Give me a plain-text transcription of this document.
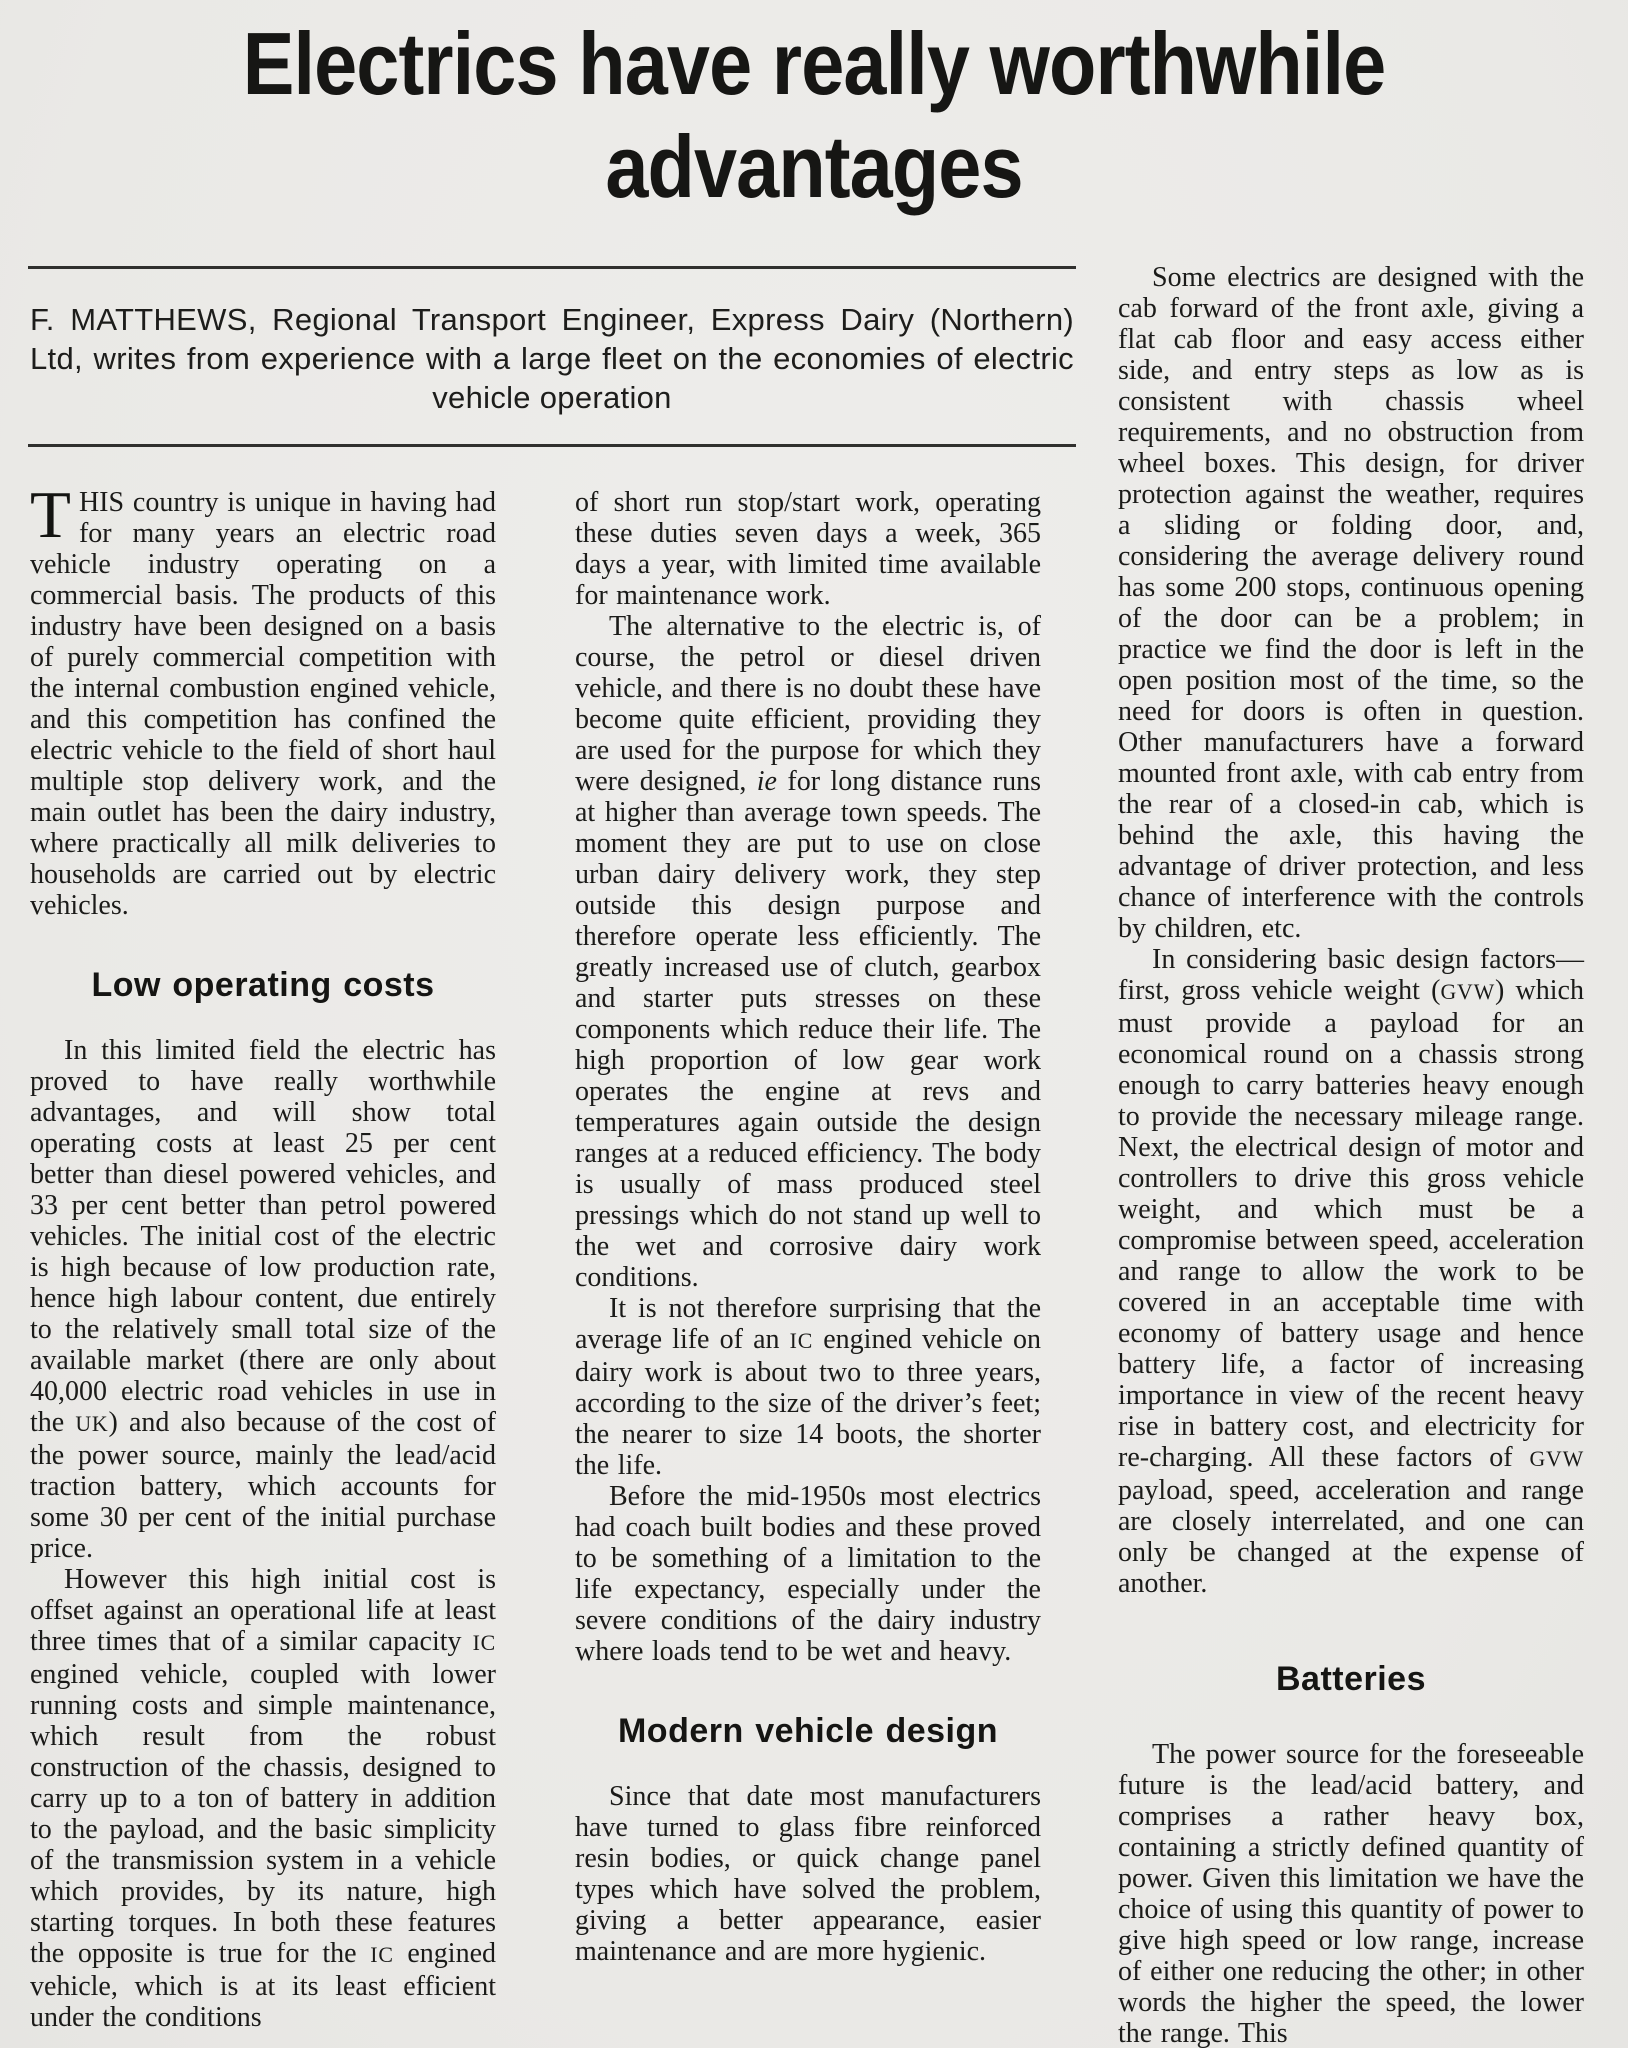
Electrics have really worthwhile
advantages

F. MATTHEWS, Regional Transport Engineer, Express Dairy (Northern) Ltd, writes from experience with a large fleet on the economies of electric vehicle operation

THIS country is unique in having had for many years an electric road vehicle industry operating on a commercial basis. The products of this industry have been designed on a basis of purely commercial competition with the internal combustion engined vehicle, and this competition has confined the electric vehicle to the field of short haul multiple stop delivery work, and the main outlet has been the dairy industry, where practically all milk deliveries to households are carried out by electric vehicles.

Low operating costs

In this limited field the electric has proved to have really worthwhile advantages, and will show total operating costs at least 25 per cent better than diesel powered vehicles, and 33 per cent better than petrol powered vehicles. The initial cost of the electric is high because of low production rate, hence high labour content, due entirely to the relatively small total size of the available market (there are only about 40,000 electric road vehicles in use in the UK) and also because of the cost of the power source, mainly the lead/acid traction battery, which accounts for some 30 per cent of the initial purchase price.

However this high initial cost is offset against an operational life at least three times that of a similar capacity IC engined vehicle, coupled with lower running costs and simple maintenance, which result from the robust construction of the chassis, designed to carry up to a ton of battery in addition to the payload, and the basic simplicity of the transmission system in a vehicle which provides, by its nature, high starting torques. In both these features the opposite is true for the IC engined vehicle, which is at its least efficient under the conditions

of short run stop/start work, operating these duties seven days a week, 365 days a year, with limited time available for maintenance work.

The alternative to the electric is, of course, the petrol or diesel driven vehicle, and there is no doubt these have become quite efficient, providing they are used for the purpose for which they were designed, ie for long distance runs at higher than average town speeds. The moment they are put to use on close urban dairy delivery work, they step outside this design purpose and therefore operate less efficiently. The greatly increased use of clutch, gearbox and starter puts stresses on these components which reduce their life. The high proportion of low gear work operates the engine at revs and temperatures again outside the design ranges at a reduced efficiency. The body is usually of mass produced steel pressings which do not stand up well to the wet and corrosive dairy work conditions.

It is not therefore surprising that the average life of an IC engined vehicle on dairy work is about two to three years, according to the size of the driver’s feet; the nearer to size 14 boots, the shorter the life.

Before the mid-1950s most electrics had coach built bodies and these proved to be something of a limitation to the life expectancy, especially under the severe conditions of the dairy industry where loads tend to be wet and heavy.

Modern vehicle design

Since that date most manufacturers have turned to glass fibre reinforced resin bodies, or quick change panel types which have solved the problem, giving a better appearance, easier maintenance and are more hygienic.

Some electrics are designed with the cab forward of the front axle, giving a flat cab floor and easy access either side, and entry steps as low as is consistent with chassis wheel requirements, and no obstruction from wheel boxes. This design, for driver protection against the weather, requires a sliding or folding door, and, considering the average delivery round has some 200 stops, continuous opening of the door can be a problem; in practice we find the door is left in the open position most of the time, so the need for doors is often in question. Other manufacturers have a forward mounted front axle, with cab entry from the rear of a closed-in cab, which is behind the axle, this having the advantage of driver protection, and less chance of interference with the controls by children, etc.

In considering basic design factors—first, gross vehicle weight (GVW) which must provide a payload for an economical round on a chassis strong enough to carry batteries heavy enough to provide the necessary mileage range. Next, the electrical design of motor and controllers to drive this gross vehicle weight, and which must be a compromise between speed, acceleration and range to allow the work to be covered in an acceptable time with economy of battery usage and hence battery life, a factor of increasing importance in view of the recent heavy rise in battery cost, and electricity for re-charging. All these factors of GVW payload, speed, acceleration and range are closely interrelated, and one can only be changed at the expense of another.

Batteries

The power source for the foreseeable future is the lead/acid battery, and comprises a rather heavy box, containing a strictly defined quantity of power. Given this limitation we have the choice of using this quantity of power to give high speed or low range, increase of either one reducing the other; in other words the higher the speed, the lower the range. This
